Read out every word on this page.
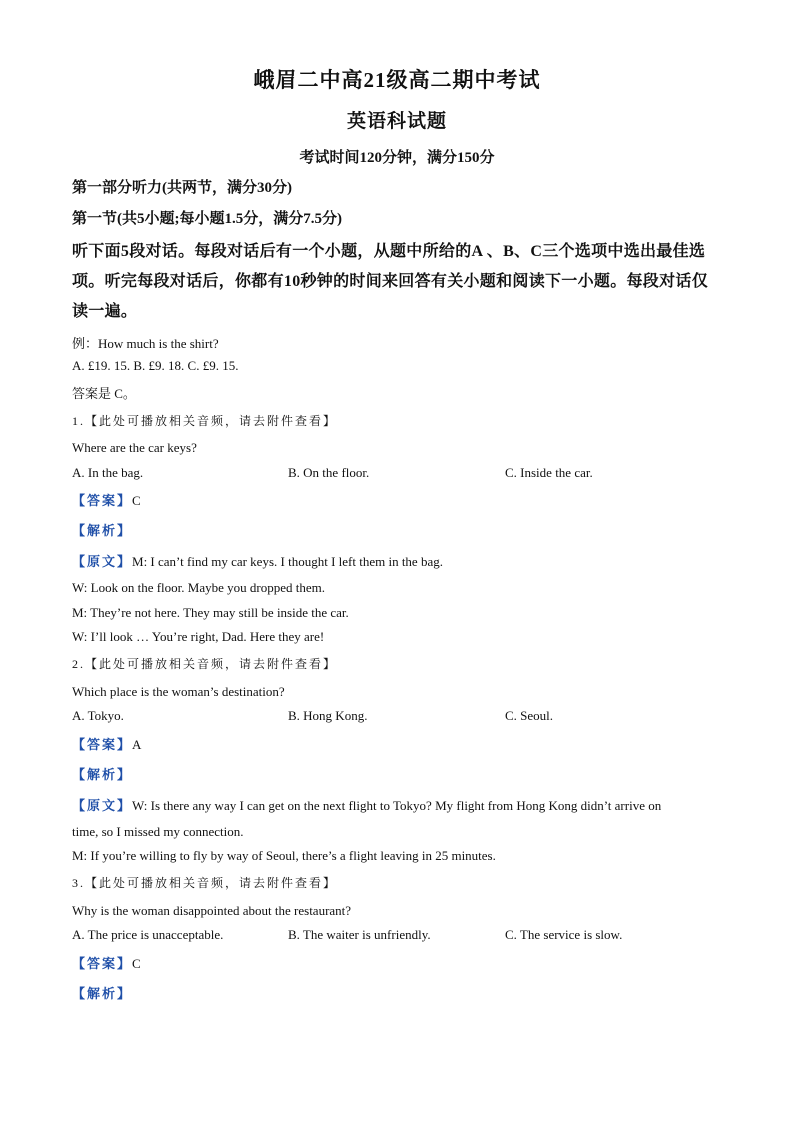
峨眉二中高21级高二期中考试
英语科试题
考试时间120分钟，满分150分
第一部分听力(共两节，满分30分)
第一节(共5小题;每小题1.5分，满分7.5分)
听下面5段对话。每段对话后有一个小题，从题中所给的A 、B、C三个选项中选出最佳选
项。听完每段对话后，你都有10秒钟的时间来回答有关小题和阅读下一小题。每段对话仅
读一遍。
例：How much is the shirt?
A. £19. 15. B. £9. 18. C. £9. 15.
答案是 C。
1.【此处可播放相关音频，请去附件查看】
Where are the car keys?
A. In the bag.	B. On the floor.	C. Inside the car.
【答案】C
【解析】
【原文】M: I can’t find my car keys. I thought I left them in the bag.
W: Look on the floor. Maybe you dropped them.
M: They’re not here. They may still be inside the car.
W: I’ll look … You’re right, Dad. Here they are!
2.【此处可播放相关音频，请去附件查看】
Which place is the woman’s destination?
A. Tokyo.	B. Hong Kong.	C. Seoul.
【答案】A
【解析】
【原文】W: Is there any way I can get on the next flight to Tokyo? My flight from Hong Kong didn’t arrive on
time, so I missed my connection.
M: If you’re willing to fly by way of Seoul, there’s a flight leaving in 25 minutes.
3.【此处可播放相关音频，请去附件查看】
Why is the woman disappointed about the restaurant?
A. The price is unacceptable.	B. The waiter is unfriendly.	C. The service is slow.
【答案】C
【解析】
